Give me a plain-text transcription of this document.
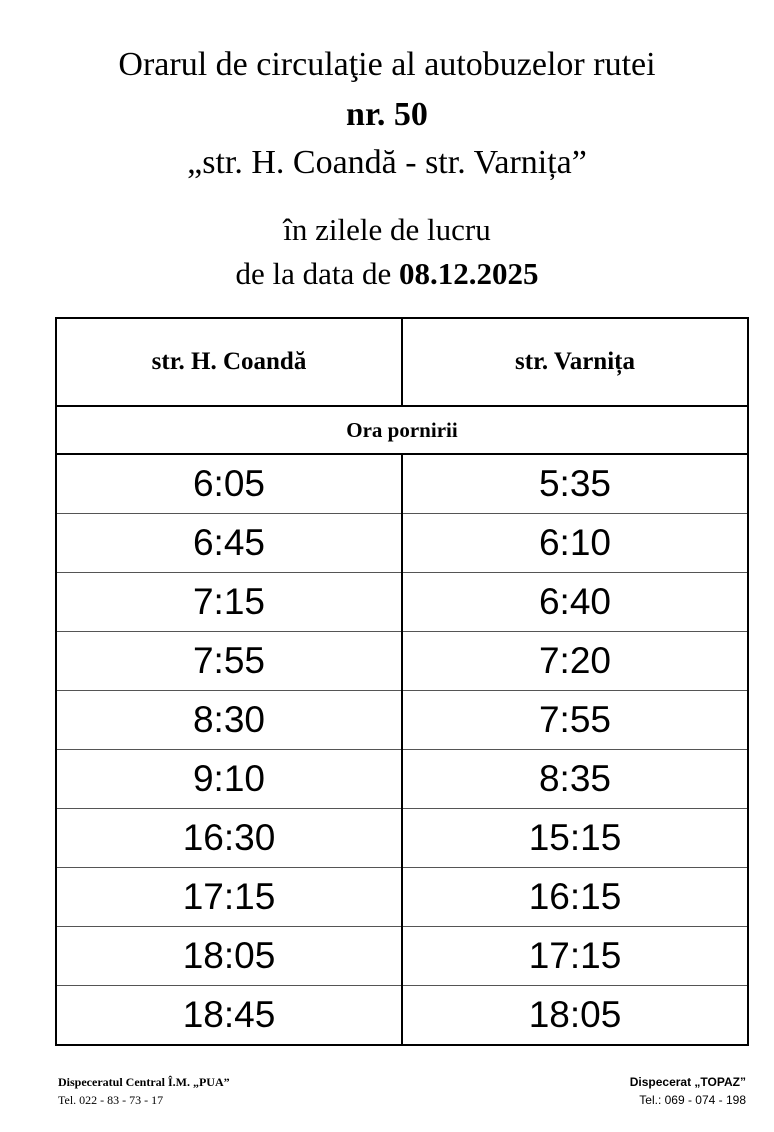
Orarul de circulaţie al autobuzelor rutei
nr. 50
„str. H. Coandă - str. Varnița”
în zilele de lucru
de la data de 08.12.2025
str. H. Coandă	str. Varnița
Ora pornirii	
6:05	5:35
6:45	6:10
7:15	6:40
7:55	7:20
8:30	7:55
9:10	8:35
16:30	15:15
17:15	16:15
18:05	17:15
18:45	18:05
Dispeceratul Central Î.M. „PUA”
Tel. 022 - 83 - 73 - 17
Dispecerat „TOPAZ”
Tel.: 069 - 074 - 198
